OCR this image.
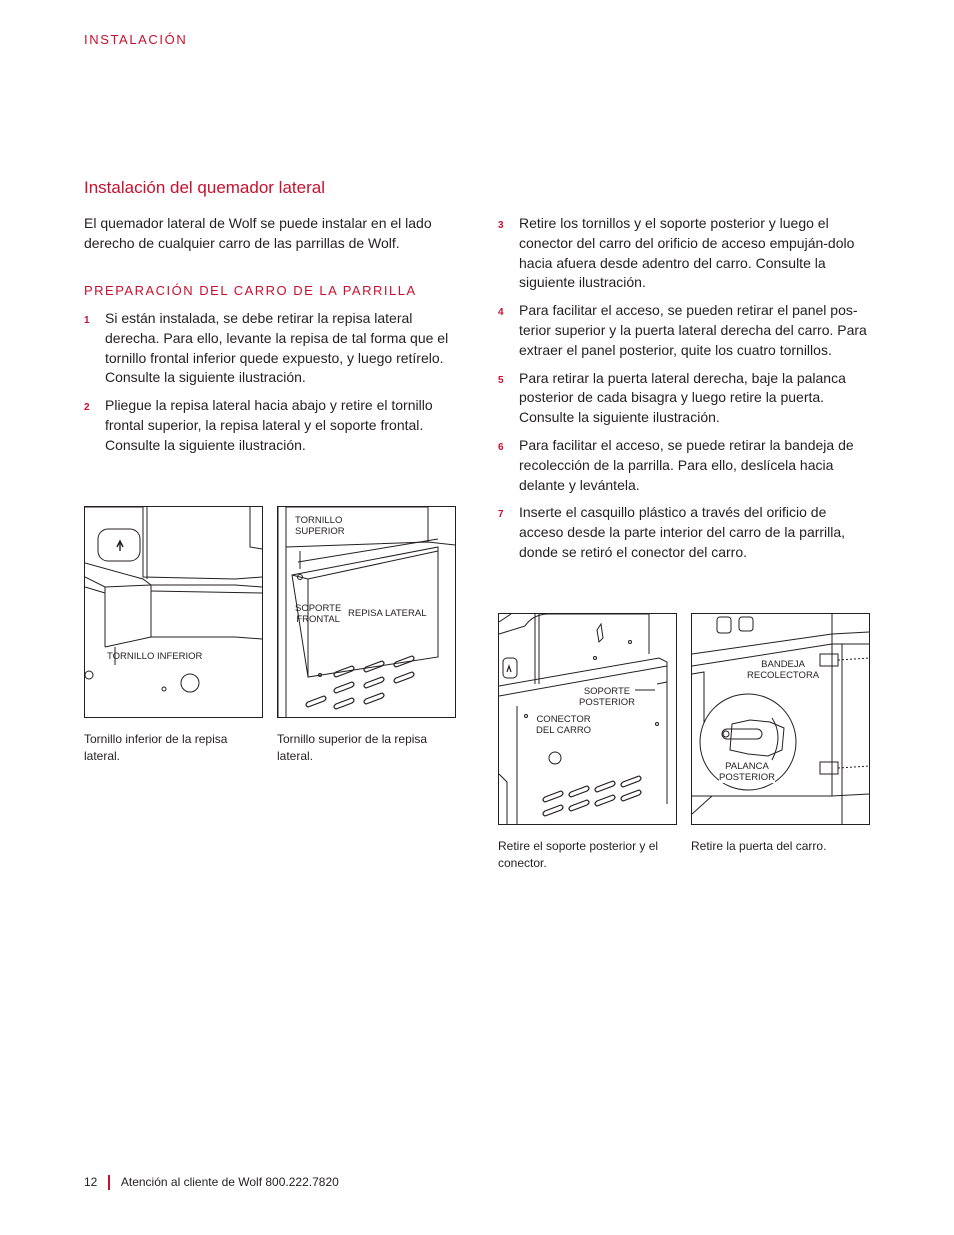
INSTALACIÓN
Instalación del quemador lateral

El quemador lateral de Wolf se puede instalar en el lado derecho de cualquier carro de las parrillas de Wolf.

PREPARACIÓN DEL CARRO DE LA PARRILLA
1 Si están instalada, se debe retirar la repisa lateral derecha. Para ello, levante la repisa de tal forma que el tornillo frontal inferior quede expuesto, y luego retírelo. Consulte la siguiente ilustración.
2 Pliegue la repisa lateral hacia abajo y retire el tornillo frontal superior, la repisa lateral y el soporte frontal. Consulte la siguiente ilustración.
3 Retire los tornillos y el soporte posterior y luego el conector del carro del orificio de acceso empuján-dolo hacia afuera desde adentro del carro. Consulte la siguiente ilustración.
4 Para facilitar el acceso, se pueden retirar el panel pos-terior superior y la puerta lateral derecha del carro. Para extraer el panel posterior, quite los cuatro tornillos.
5 Para retirar la puerta lateral derecha, baje la palanca posterior de cada bisagra y luego retire la puerta. Consulte la siguiente ilustración.
6 Para facilitar el acceso, se puede retirar la bandeja de recolección de la parrilla. Para ello, deslícela hacia delante y levántela.
7 Inserte el casquillo plástico a través del orificio de acceso desde la parte interior del carro de la parrilla, donde se retiró el conector del carro.
TORNILLO INFERIOR

Tornillo inferior de la repisa lateral.

TORNILLO
SUPERIOR
SOPORTE
FRONTAL
REPISA LATERAL

Tornillo superior de la repisa lateral.

SOPORTE
POSTERIOR
CONECTOR
DEL CARRO

Retire el soporte posterior y el conector.

BANDEJA
RECOLECTORA
PALANCA
POSTERIOR

Retire la puerta del carro.

12 Atención al cliente de Wolf 800.222.7820
